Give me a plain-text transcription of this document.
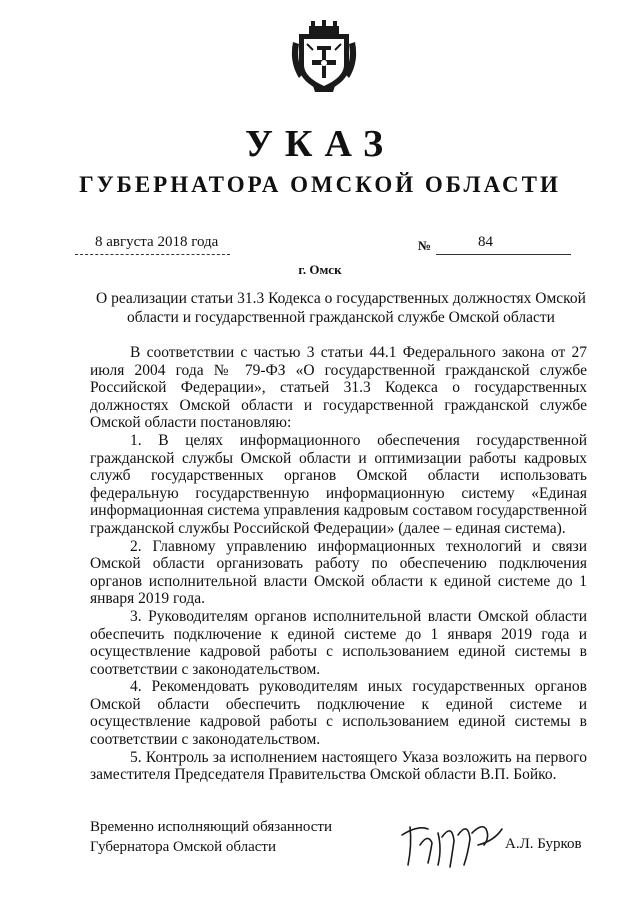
УКАЗ
ГУБЕРНАТОРА ОМСКОЙ ОБЛАСТИ
8 августа 2018 года	№	84
г. Омск
О реализации статьи 31.3 Кодекса о государственных должностях Омской области и государственной гражданской службе Омской области

В соответствии с частью 3 статьи 44.1 Федерального закона от 27 июля 2004 года № 79-ФЗ «О государственной гражданской службе Российской Федерации», статьей 31.3 Кодекса о государственных должностях Омской области и государственной гражданской службе Омской области постановляю:

1. В целях информационного обеспечения государственной гражданской службы Омской области и оптимизации работы кадровых служб государственных органов Омской области использовать федеральную государственную информационную систему «Единая информационная система управления кадровым составом государственной гражданской службы Российской Федерации» (далее – единая система).

2. Главному управлению информационных технологий и связи Омской области организовать работу по обеспечению подключения органов исполнительной власти Омской области к единой системе до 1 января 2019 года.

3. Руководителям органов исполнительной власти Омской области обеспечить подключение к единой системе до 1 января 2019 года и осуществление кадровой работы с использованием единой системы в соответствии с законодательством.

4. Рекомендовать руководителям иных государственных органов Омской области обеспечить подключение к единой системе и осуществление кадровой работы с использованием единой системы в соответствии с законодательством.

5. Контроль за исполнением настоящего Указа возложить на первого заместителя Председателя Правительства Омской области В.П. Бойко.

Временно исполняющий обязанности
Губернатора Омской области	А.Л. Бурков
